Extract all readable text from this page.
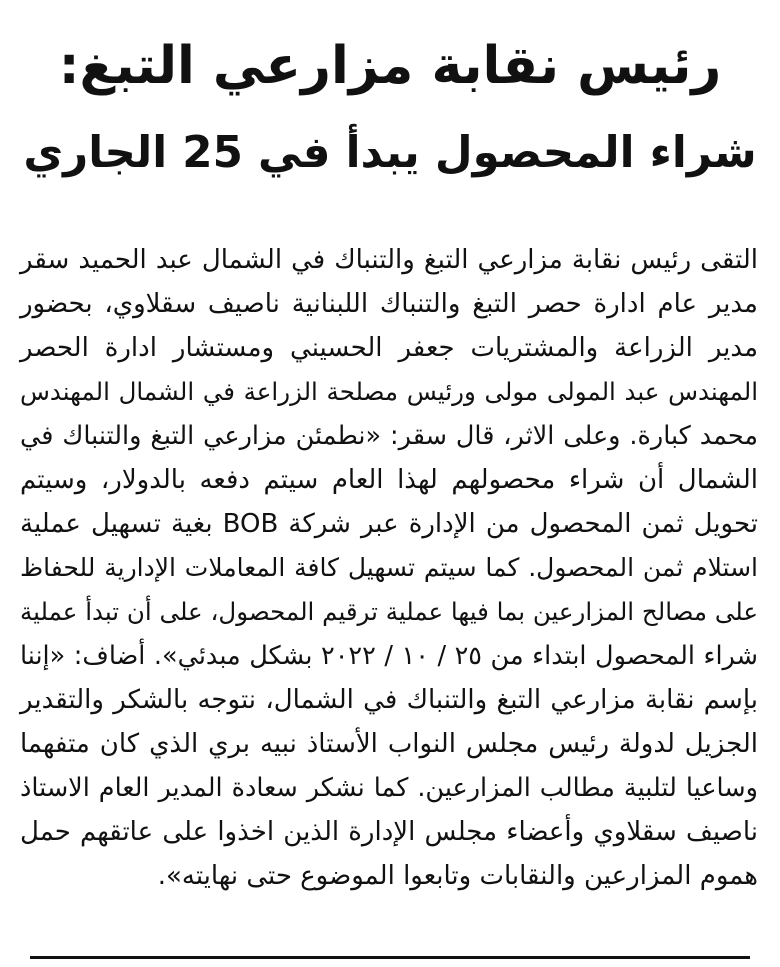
رئيس نقابة مزارعي التبغ:
شراء المحصول يبدأ في 25 الجاري
التقى رئيس نقابة مزارعي التبغ والتنباك في الشمال عبد الحميد سقر
مدير عام ادارة حصر التبغ والتنباك اللبنانية ناصيف سقلاوي، بحضور
مدير الزراعة والمشتريات جعفر الحسيني ومستشار ادارة الحصر
المهندس عبد المولى مولى ورئيس مصلحة الزراعة في الشمال المهندس
محمد كبارة. وعلى الاثر، قال سقر: «نطمئن مزارعي التبغ والتنباك في
الشمال أن شراء محصولهم لهذا العام سيتم دفعه بالدولار، وسيتم
تحويل ثمن المحصول من الإدارة عبر شركة BOB بغية تسهيل عملية
استلام ثمن المحصول. كما سيتم تسهيل كافة المعاملات الإدارية للحفاظ
على مصالح المزارعين بما فيها عملية ترقيم المحصول، على أن تبدأ عملية
شراء المحصول ابتداء من ٢٥ / ١٠ / ٢٠٢٢ بشكل مبدئي». أضاف: «إننا
بإسم نقابة مزارعي التبغ والتنباك في الشمال، نتوجه بالشكر والتقدير
الجزيل لدولة رئيس مجلس النواب الأستاذ نبيه بري الذي كان متفهما
وساعيا لتلبية مطالب المزارعين. كما نشكر سعادة المدير العام الاستاذ
ناصيف سقلاوي وأعضاء مجلس الإدارة الذين اخذوا على عاتقهم حمل
هموم المزارعين والنقابات وتابعوا الموضوع حتى نهايته».
